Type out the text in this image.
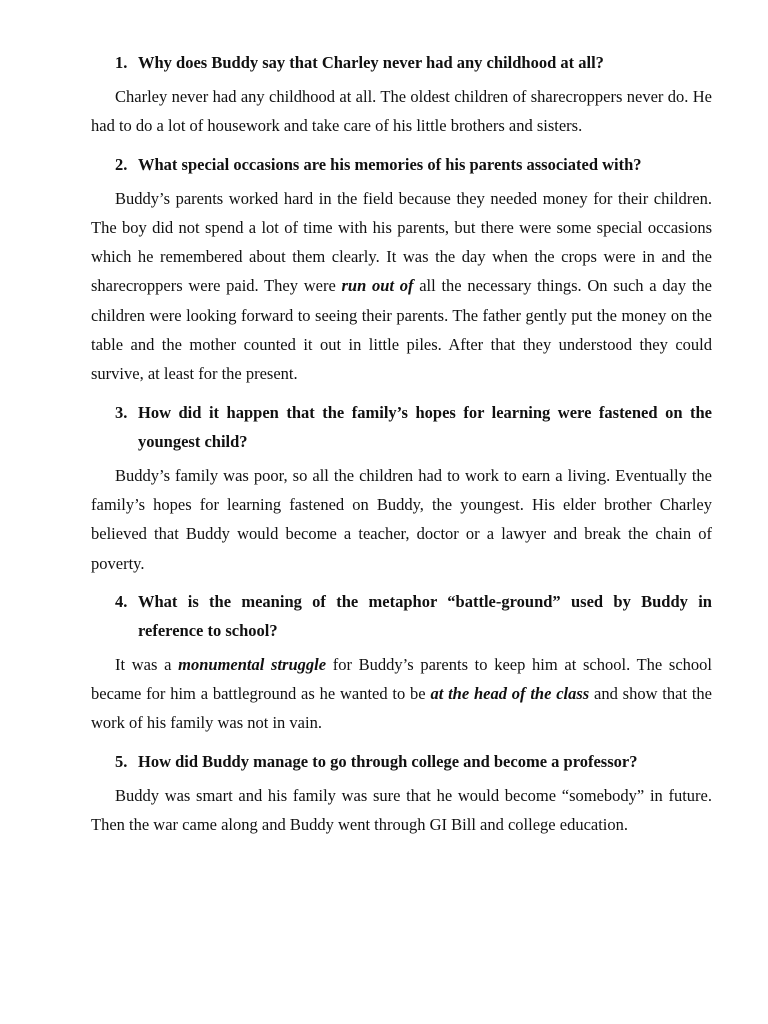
1. Why does Buddy say that Charley never had any childhood at all?

Charley never had any childhood at all. The oldest children of sharecroppers never do. He had to do a lot of housework and take care of his little brothers and sisters.

2. What special occasions are his memories of his parents associated with?

Buddy’s parents worked hard in the field because they needed money for their children. The boy did not spend a lot of time with his parents, but there were some special occasions which he remembered about them clearly. It was the day when the crops were in and the sharecroppers were paid. They were run out of all the necessary things. On such a day the children were looking forward to seeing their parents. The father gently put the money on the table and the mother counted it out in little piles. After that they understood they could survive, at least for the present.

3. How did it happen that the family’s hopes for learning were fastened on the youngest child?

Buddy’s family was poor, so all the children had to work to earn a living. Eventually the family’s hopes for learning fastened on Buddy, the youngest. His elder brother Charley believed that Buddy would become a teacher, doctor or a lawyer and break the chain of poverty.

4. What is the meaning of the metaphor “battle-ground” used by Buddy in reference to school?

It was a monumental struggle for Buddy’s parents to keep him at school. The school became for him a battleground as he wanted to be at the head of the class and show that the work of his family was not in vain.

5. How did Buddy manage to go through college and become a professor?

Buddy was smart and his family was sure that he would become “somebody” in future. Then the war came along and Buddy went through GI Bill and college education.
